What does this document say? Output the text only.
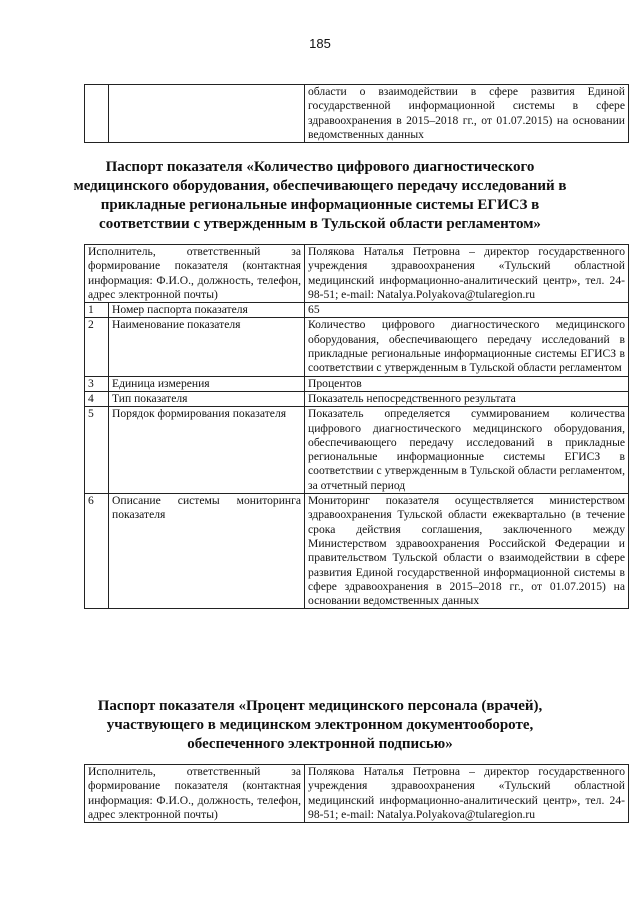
185
		области о взаимодействии в сфере развития Единой государственной информационной системы в сфере здравоохранения в 2015–2018 гг., от 01.07.2015) на основании ведомственных данных
Паспорт показателя «Количество цифрового диагностического медицинского оборудования, обеспечивающего передачу исследований в прикладные региональные информационные системы ЕГИСЗ в соответствии с утвержденным в Тульской области регламентом»
Исполнитель, ответственный за формирование показателя (контактная информация: Ф.И.О., должность, телефон, адрес электронной почты)		Полякова Наталья Петровна – директор государственного учреждения здравоохранения «Тульский областной медицинский информационно-аналитический центр», тел. 24-98-51; e-mail: Natalya.Polyakova@tularegion.ru
1	Номер паспорта показателя	65
2	Наименование показателя	Количество цифрового диагностического медицинского оборудования, обеспечивающего передачу исследований в прикладные региональные информационные системы ЕГИСЗ в соответствии с утвержденным в Тульской области регламентом
3	Единица измерения	Процентов
4	Тип показателя	Показатель непосредственного результата
5	Порядок формирования показателя	Показатель определяется суммированием количества цифрового диагностического медицинского оборудования, обеспечивающего передачу исследований в прикладные региональные информационные системы ЕГИСЗ в соответствии с утвержденным в Тульской области регламентом, за отчетный период
6	Описание системы мониторинга показателя	Мониторинг показателя осуществляется министерством здравоохранения Тульской области ежеквартально (в течение срока действия соглашения, заключенного между Министерством здравоохранения Российской Федерации и правительством Тульской области о взаимодействии в сфере развития Единой государственной информационной системы в сфере здравоохранения в 2015–2018 гг., от 01.07.2015) на основании ведомственных данных
Паспорт показателя «Процент медицинского персонала (врачей), участвующего в медицинском электронном документообороте, обеспеченного электронной подписью»
Исполнитель, ответственный за формирование показателя (контактная информация: Ф.И.О., должность, телефон, адрес электронной почты)	Полякова Наталья Петровна – директор государственного учреждения здравоохранения «Тульский областной медицинский информационно-аналитический центр», тел. 24-98-51; e-mail: Natalya.Polyakova@tularegion.ru
